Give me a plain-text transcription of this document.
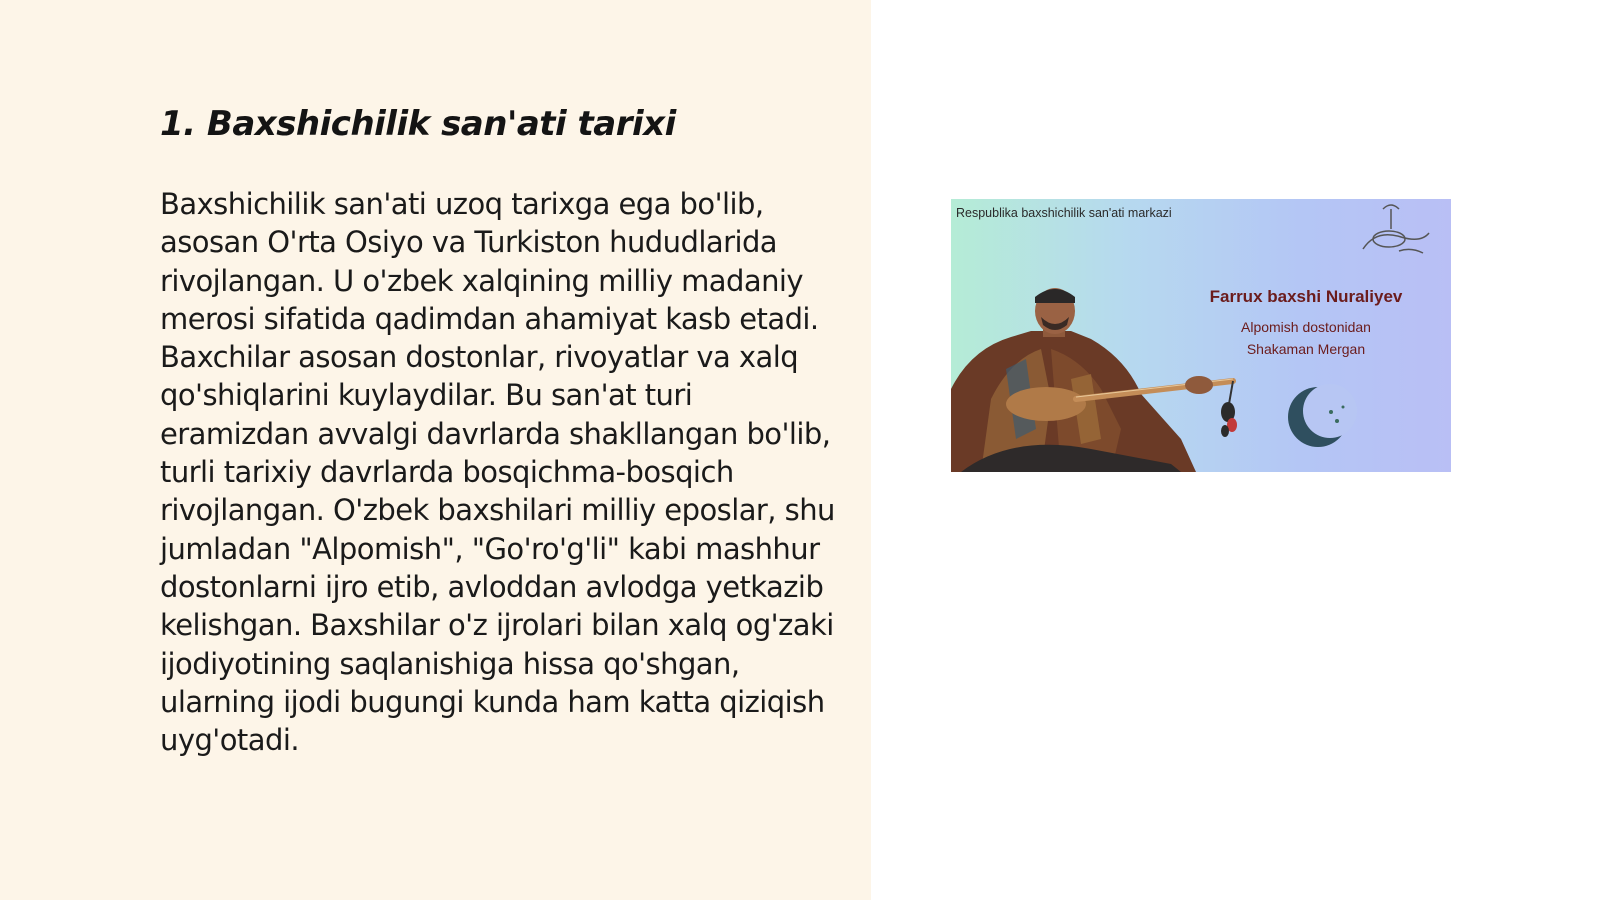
1. Baxshichilik san'ati tarixi

Baxshichilik san'ati uzoq tarixga ega bo'lib, asosan O'rta Osiyo va Turkiston hududlarida rivojlangan. U o'zbek xalqining milliy madaniy merosi sifatida qadimdan ahamiyat kasb etadi. Baxchilar asosan dostonlar, rivoyatlar va xalq qo'shiqlarini kuylaydilar. Bu san'at turi eramizdan avvalgi davrlarda shakllangan bo'lib, turli tarixiy davrlarda bosqichma-bosqich rivojlangan. O'zbek baxshilari milliy eposlar, shu jumladan "Alpomish", "Go'ro'g'li" kabi mashhur dostonlarni ijro etib, avloddan avlodga yetkazib kelishgan. Baxshilar o'z ijrolari bilan xalq og'zaki ijodiyotining saqlanishiga hissa qo'shgan, ularning ijodi bugungi kunda ham katta qiziqish uyg'otadi.

Respublika baxshichilik san'ati markazi
Farrux baxshi Nuraliyev
Alpomish dostonidan
Shakaman Mergan
